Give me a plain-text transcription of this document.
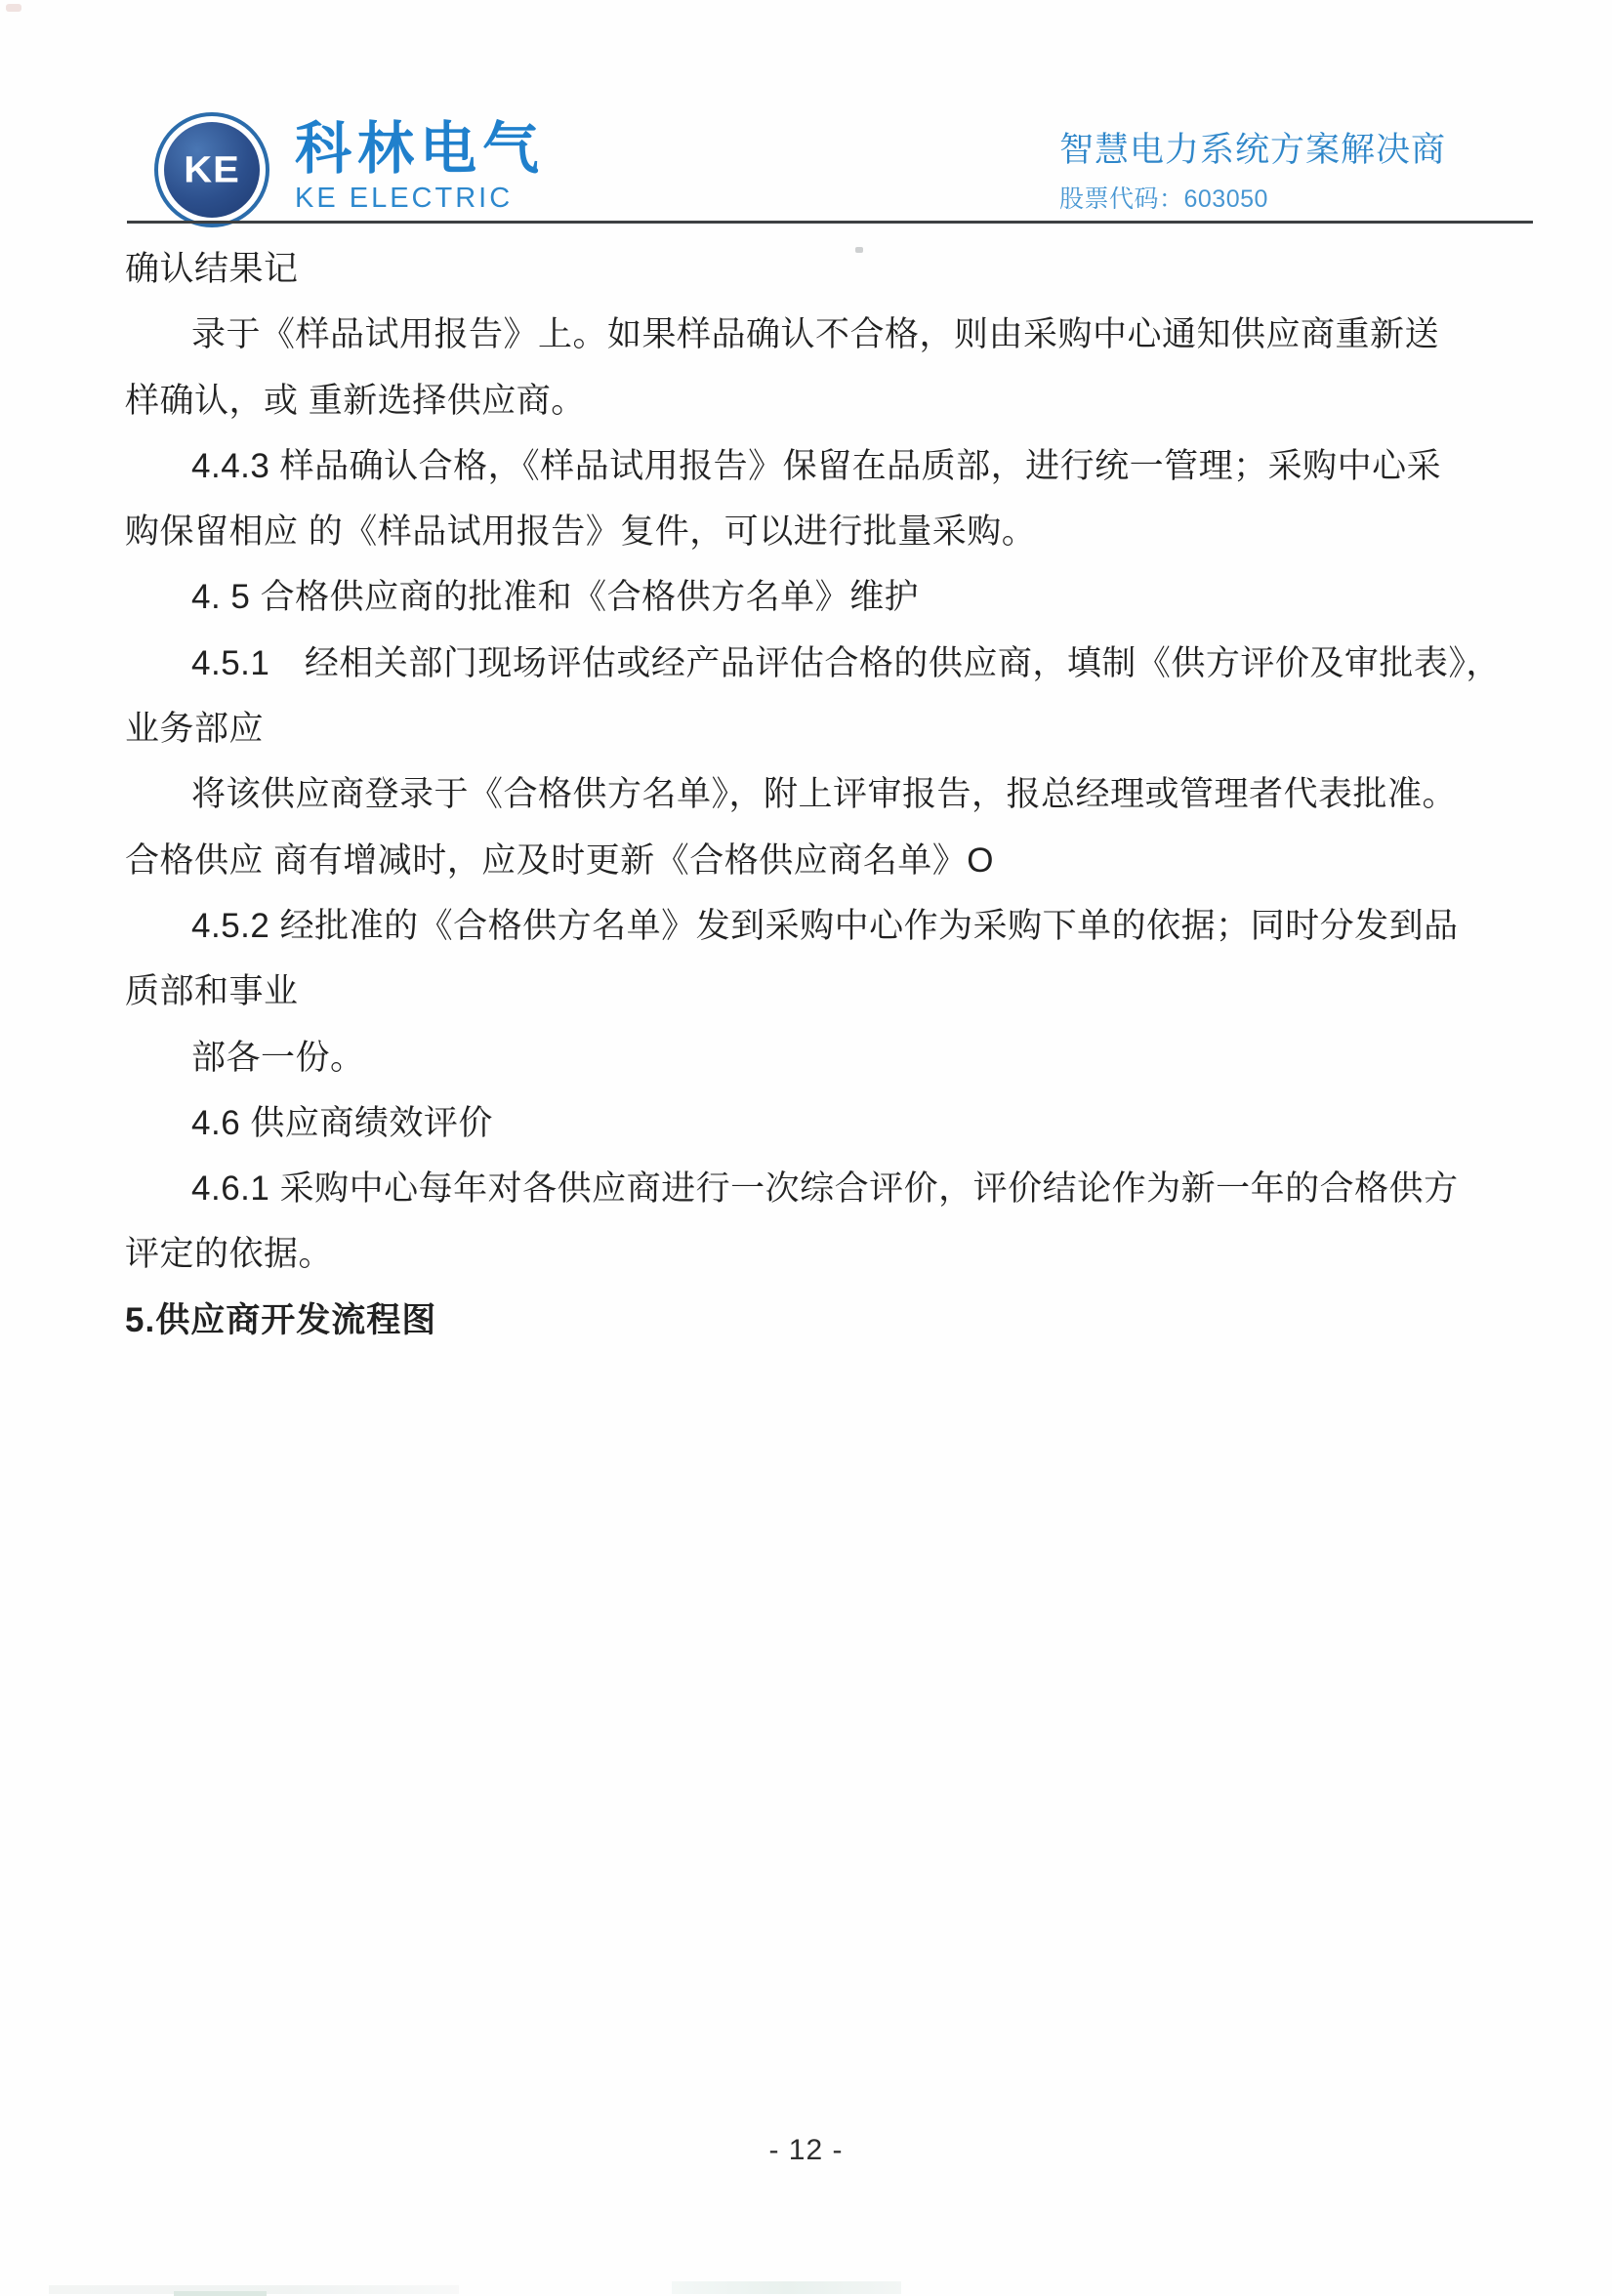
KE 科林电气
KE ELECTRIC
智慧电力系统方案解决商
股票代码：603050

确认结果记

录于《样品试用报告》上。如果样品确认不合格，则由采购中心通知供应商重新送

样确认，或 重新选择供应商。

4.4.3 样品确认合格，《样品试用报告》保留在品质部，进行统一管理；采购中心采

购保留相应 的《样品试用报告》复件，可以进行批量采购。

4. 5 合格供应商的批准和《合格供方名单》维护

4.5.1　经相关部门现场评估或经产品评估合格的供应商，填制《供方评价及审批表》，

业务部应

将该供应商登录于《合格供方名单》，附上评审报告，报总经理或管理者代表批准。

合格供应 商有增减时，应及时更新《合格供应商名单》O

4.5.2 经批准的《合格供方名单》发到采购中心作为采购下单的依据；同时分发到品

质部和事业

部各一份。

4.6 供应商绩效评价

4.6.1 采购中心每年对各供应商进行一次综合评价，评价结论作为新一年的合格供方

评定的依据。

5.供应商开发流程图

- 12 -
